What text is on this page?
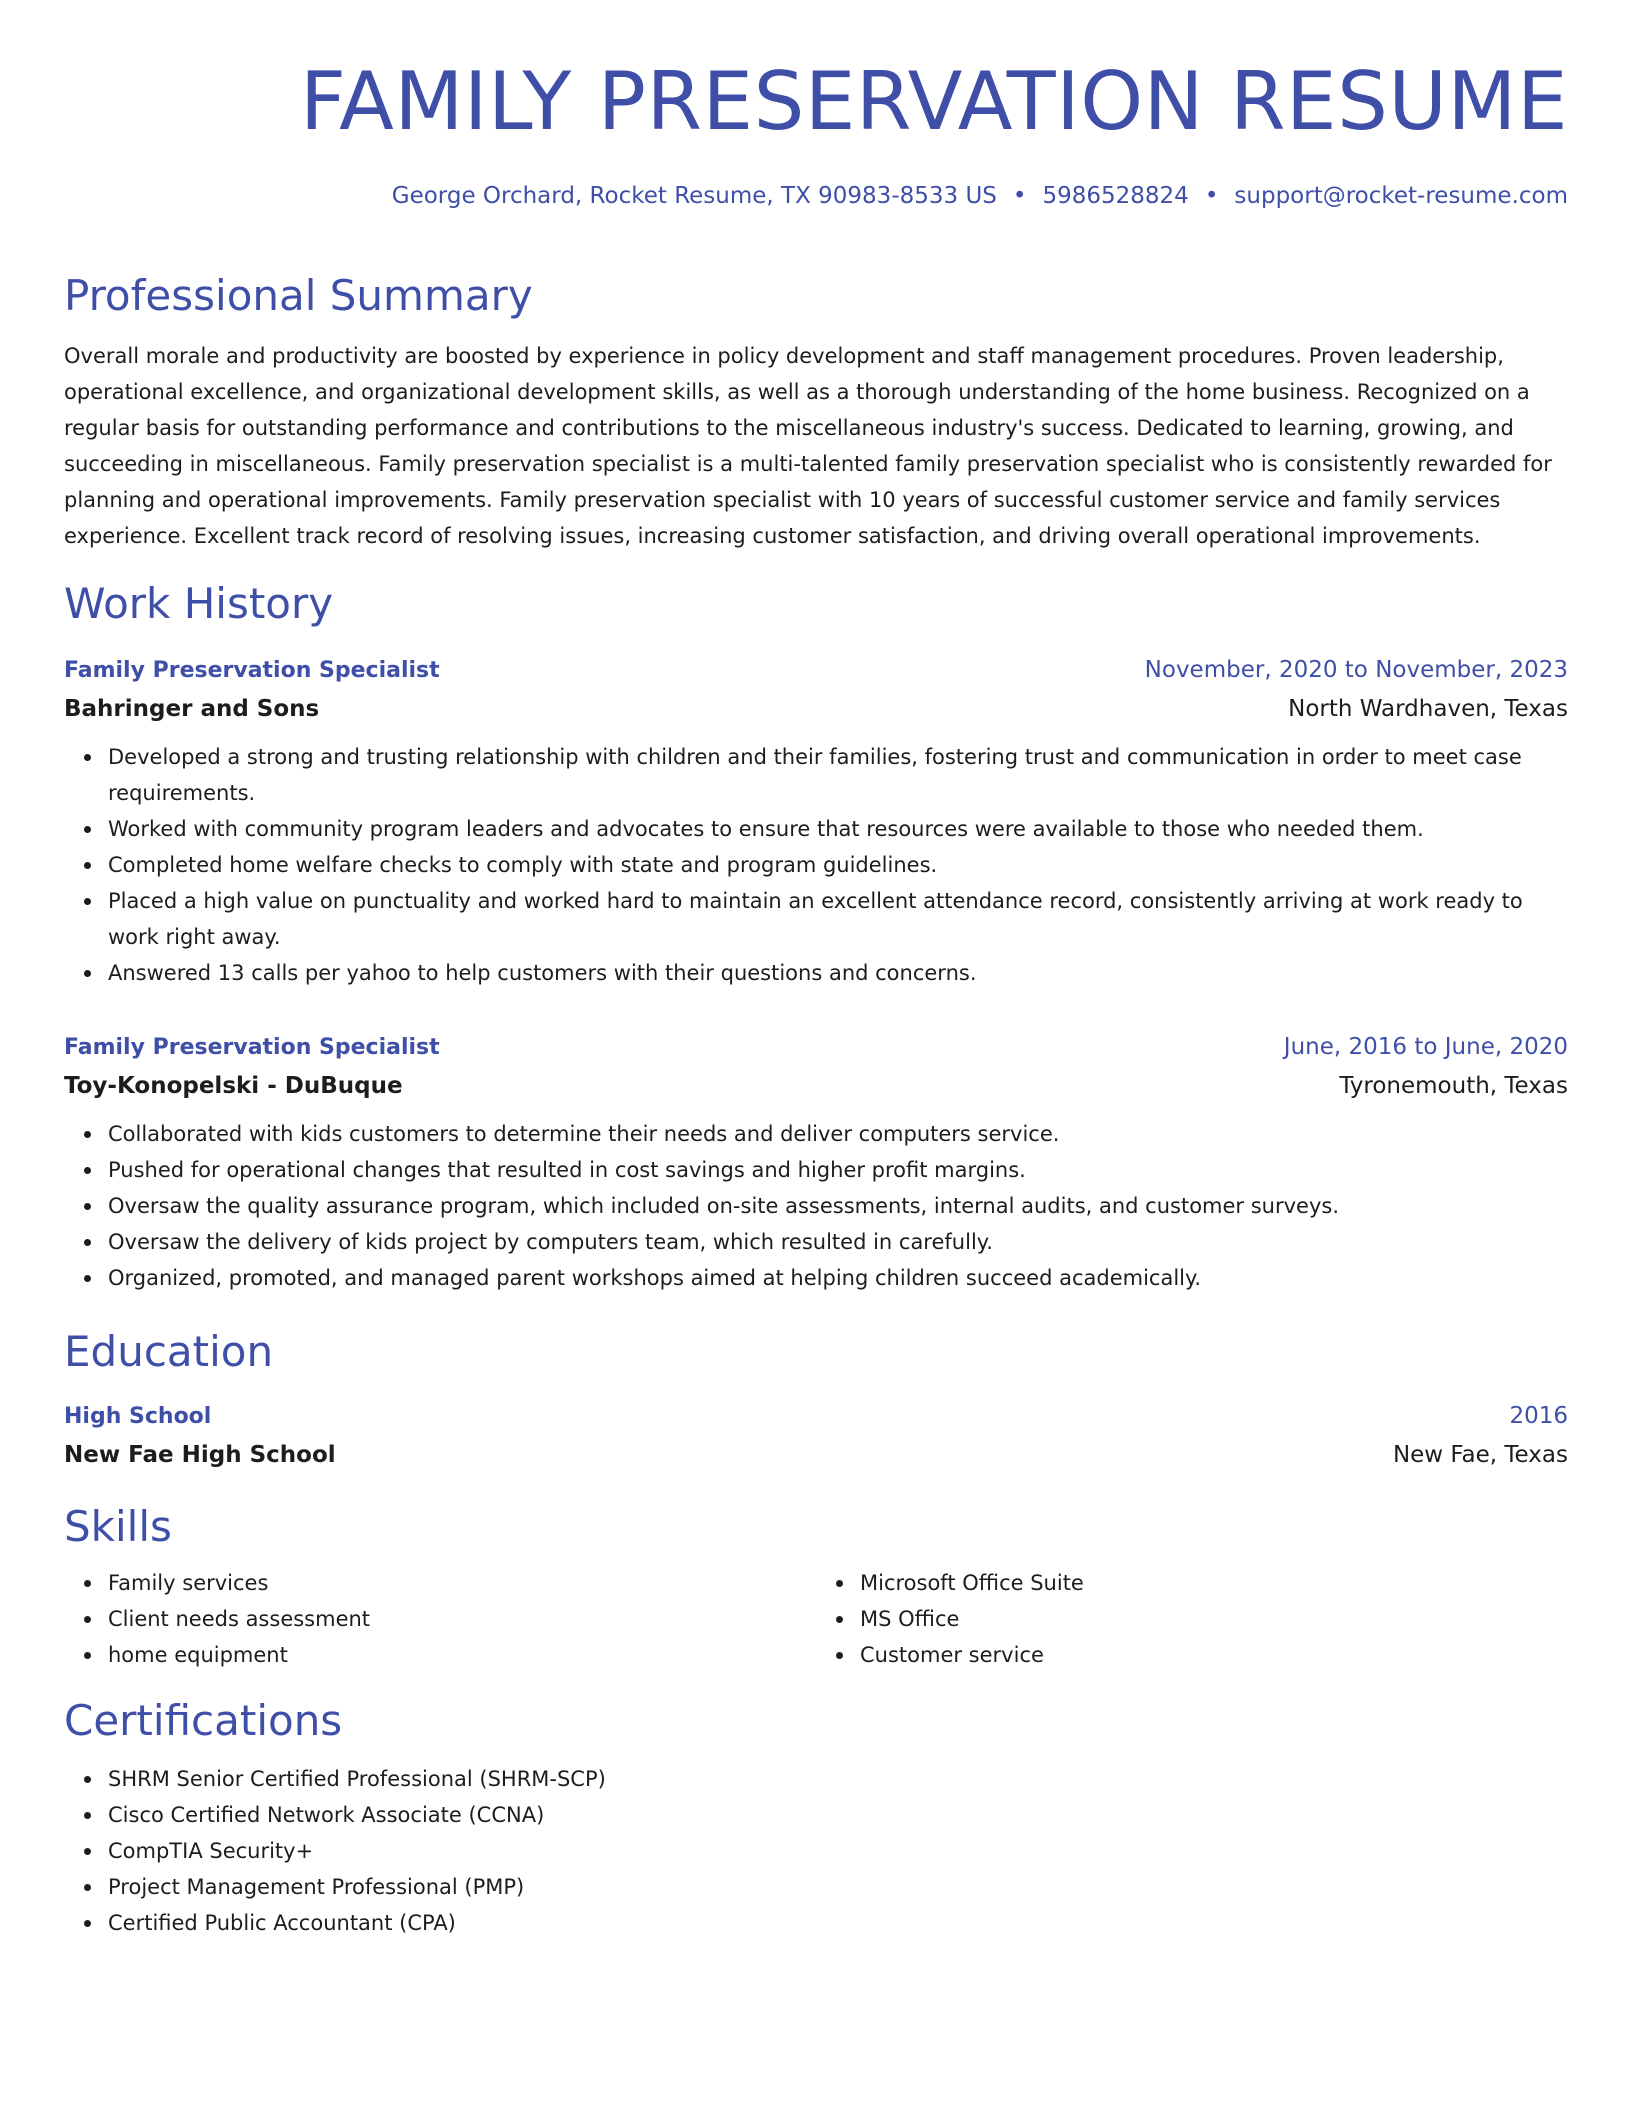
FAMILY PRESERVATION RESUME
George Orchard, Rocket Resume, TX 90983-8533 US • 5986528824 • support@rocket-resume.com
Professional Summary
Overall morale and productivity are boosted by experience in policy development and staff management procedures. Proven leadership, operational excellence, and organizational development skills, as well as a thorough understanding of the home business. Recognized on a regular basis for outstanding performance and contributions to the miscellaneous industry's success. Dedicated to learning, growing, and succeeding in miscellaneous. Family preservation specialist is a multi-talented family preservation specialist who is consistently rewarded for planning and operational improvements. Family preservation specialist with 10 years of successful customer service and family services experience. Excellent track record of resolving issues, increasing customer satisfaction, and driving overall operational improvements.
Work History
Family Preservation Specialist	November, 2020 to November, 2023
Bahringer and Sons	North Wardhaven, Texas
Developed a strong and trusting relationship with children and their families, fostering trust and communication in order to meet case requirements.
Worked with community program leaders and advocates to ensure that resources were available to those who needed them.
Completed home welfare checks to comply with state and program guidelines.
Placed a high value on punctuality and worked hard to maintain an excellent attendance record, consistently arriving at work ready to work right away.
Answered 13 calls per yahoo to help customers with their questions and concerns.
Family Preservation Specialist	June, 2016 to June, 2020
Toy-Konopelski - DuBuque	Tyronemouth, Texas
Collaborated with kids customers to determine their needs and deliver computers service.
Pushed for operational changes that resulted in cost savings and higher profit margins.
Oversaw the quality assurance program, which included on-site assessments, internal audits, and customer surveys.
Oversaw the delivery of kids project by computers team, which resulted in carefully.
Organized, promoted, and managed parent workshops aimed at helping children succeed academically.
Education
High School	2016
New Fae High School	New Fae, Texas
Skills
Family services
Client needs assessment
home equipment
Microsoft Office Suite
MS Office
Customer service
Certifications
SHRM Senior Certified Professional (SHRM-SCP)
Cisco Certified Network Associate (CCNA)
CompTIA Security+
Project Management Professional (PMP)
Certified Public Accountant (CPA)
